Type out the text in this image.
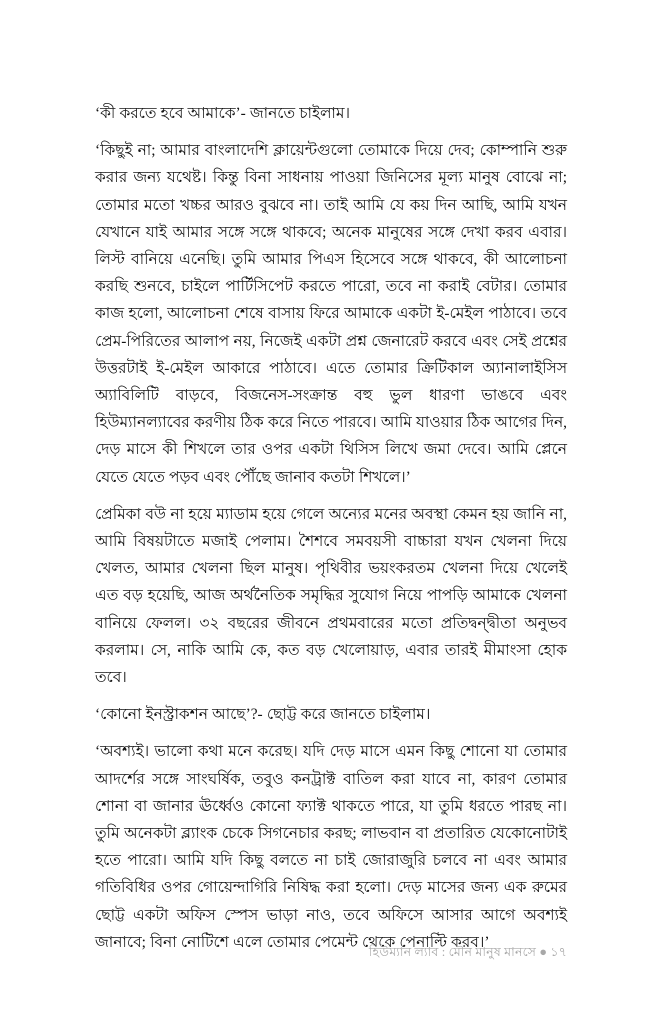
‘কী করতে হবে আমাকে’- জানতে চাইলাম।

‘কিছুই না; আমার বাংলাদেশি ক্লায়েন্টগুলো তোমাকে দিয়ে দেব; কোম্পানি শুরু করার জন্য যথেষ্ট। কিন্তু বিনা সাধনায় পাওয়া জিনিসের মূল্য মানুষ বোঝে না; তোমার মতো খচ্চর আরও বুঝবে না। তাই আমি যে কয় দিন আছি, আমি যখন যেখানে যাই আমার সঙ্গে সঙ্গে থাকবে; অনেক মানুষের সঙ্গে দেখা করব এবার। লিস্ট বানিয়ে এনেছি। তুমি আমার পিএস হিসেবে সঙ্গে থাকবে, কী আলোচনা করছি শুনবে, চাইলে পার্টিসিপেট করতে পারো, তবে না করাই বেটার। তোমার কাজ হলো, আলোচনা শেষে বাসায় ফিরে আমাকে একটা ই-মেইল পাঠাবে। তবে প্রেম-পিরিতের আলাপ নয়, নিজেই একটা প্রশ্ন জেনারেট করবে এবং সেই প্রশ্নের উত্তরটাই ই-মেইল আকারে পাঠাবে। এতে তোমার ক্রিটিকাল অ্যানালাইসিস অ্যাবিলিটি বাড়বে, বিজনেস-সংক্রান্ত বহু ভুল ধারণা ভাঙবে এবং হিউম্যানল্যাবের করণীয় ঠিক করে নিতে পারবে। আমি যাওয়ার ঠিক আগের দিন, দেড় মাসে কী শিখলে তার ওপর একটা থিসিস লিখে জমা দেবে। আমি প্লেনে যেতে যেতে পড়ব এবং পৌঁছে জানাব কতটা শিখলে।’

প্রেমিকা বউ না হয়ে ম্যাডাম হয়ে গেলে অন্যের মনের অবস্থা কেমন হয় জানি না, আমি বিষয়টাতে মজাই পেলাম। শৈশবে সমবয়সী বাচ্চারা যখন খেলনা দিয়ে খেলত, আমার খেলনা ছিল মানুষ। পৃথিবীর ভয়ংকরতম খেলনা দিয়ে খেলেই এত বড় হয়েছি, আজ অর্থনৈতিক সমৃদ্ধির সুযোগ নিয়ে পাপড়ি আমাকে খেলনা বানিয়ে ফেলল। ৩২ বছরের জীবনে প্রথমবারের মতো প্রতিদ্বন্দ্বীতা অনুভব করলাম। সে, নাকি আমি কে, কত বড় খেলোয়াড়, এবার তারই মীমাংসা হোক তবে।

‘কোনো ইনস্ট্রাকশন আছে’?- ছোট্ট করে জানতে চাইলাম।

‘অবশ্যই। ভালো কথা মনে করেছ। যদি দেড় মাসে এমন কিছু শোনো যা তোমার আদর্শের সঙ্গে সাংঘর্ষিক, তবুও কনট্রাক্ট বাতিল করা যাবে না, কারণ তোমার শোনা বা জানার ঊর্ধ্বেও কোনো ফ্যাক্ট থাকতে পারে, যা তুমি ধরতে পারছ না। তুমি অনেকটা ব্ল্যাংক চেকে সিগনেচার করছ; লাভবান বা প্রতারিত যেকোনোটাই হতে পারো। আমি যদি কিছু বলতে না চাই জোরাজুরি চলবে না এবং আমার গতিবিধির ওপর গোয়েন্দাগিরি নিষিদ্ধ করা হলো। দেড় মাসের জন্য এক রুমের ছোট্ট একটা অফিস স্পেস ভাড়া নাও, তবে অফিসে আসার আগে অবশ্যই জানাবে; বিনা নোটিশে এলে তোমার পেমেন্ট থেকে পেনাল্টি করব।’

হিউম্যান ল্যাব : মৌন মানুষ মানসে ● ১৭
